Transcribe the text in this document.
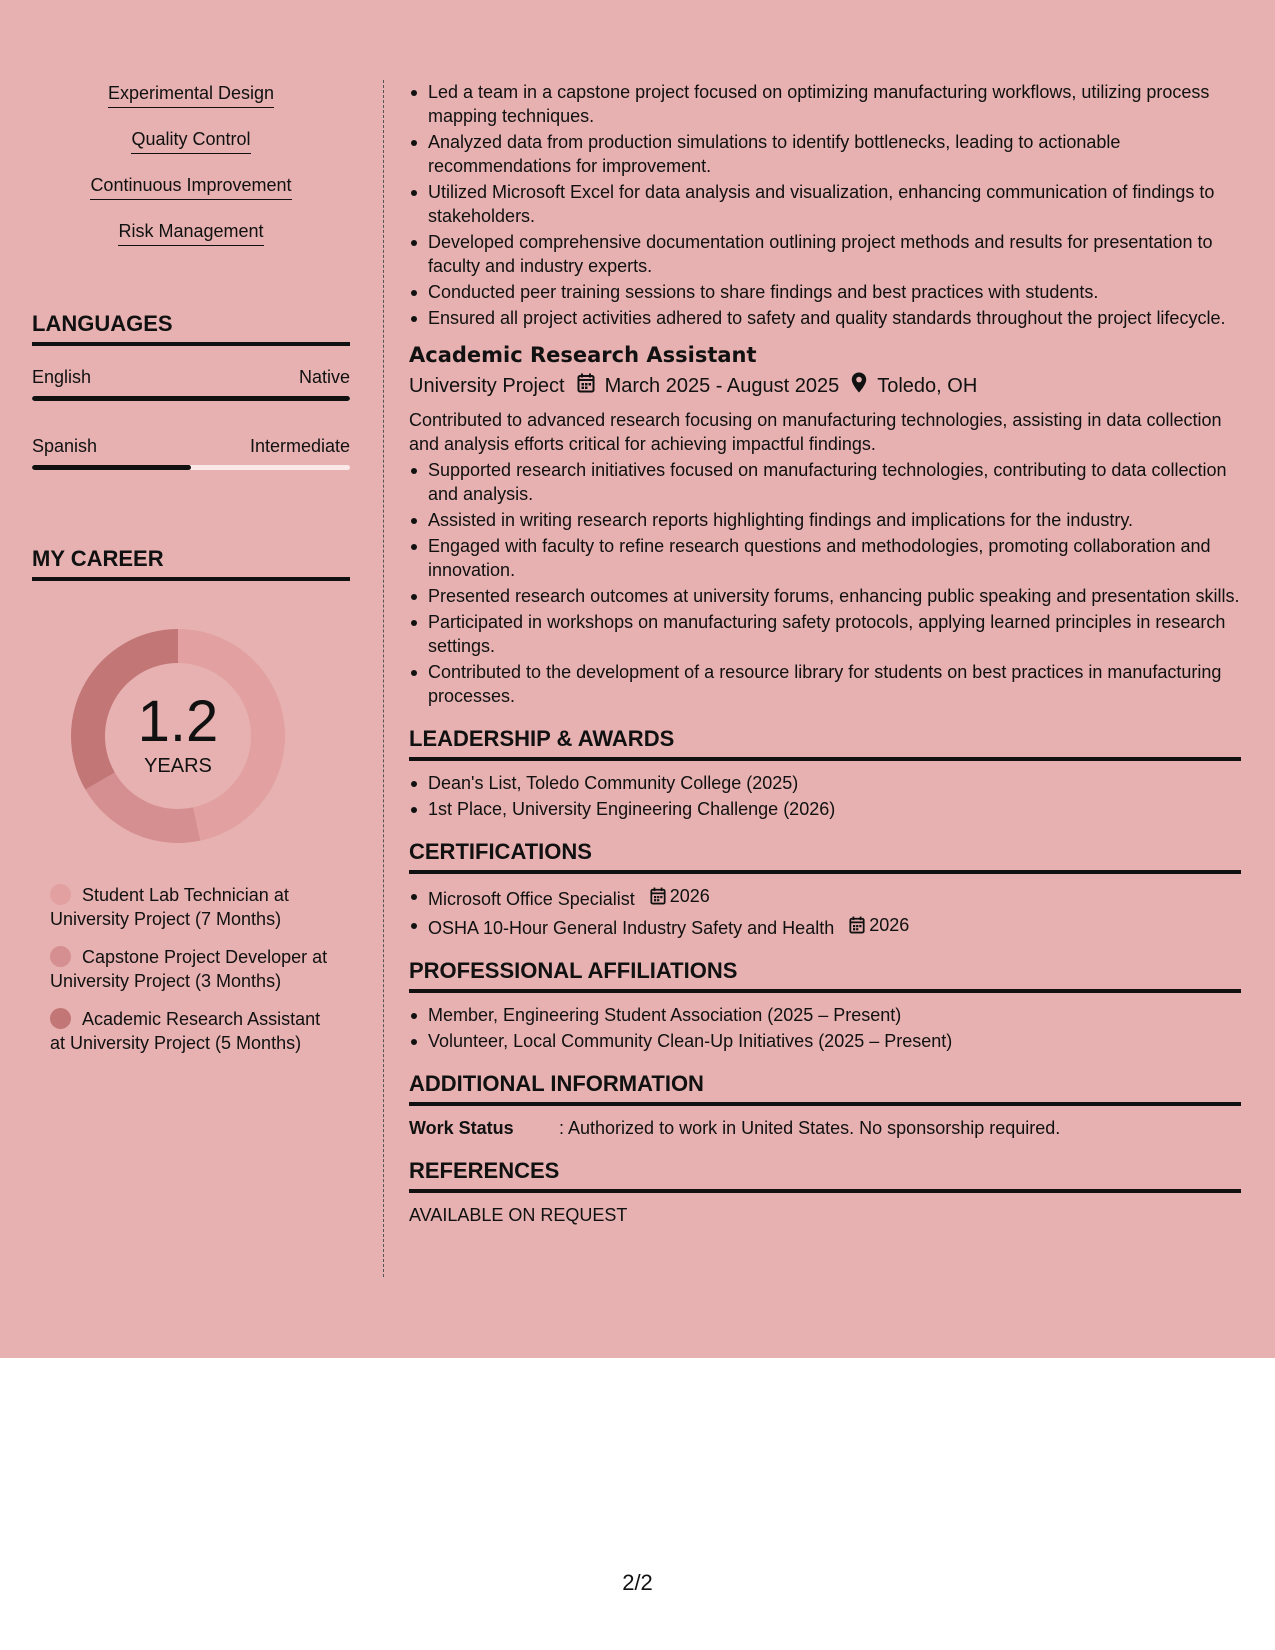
Experimental Design
Quality Control
Continuous Improvement
Risk Management
LANGUAGES
English	Native
Spanish	Intermediate
MY CAREER
1.2
YEARS
Student Lab Technician at University Project (7 Months)
Capstone Project Developer at University Project (3 Months)
Academic Research Assistant at University Project (5 Months)
Led a team in a capstone project focused on optimizing manufacturing workflows, utilizing process mapping techniques.
Analyzed data from production simulations to identify bottlenecks, leading to actionable recommendations for improvement.
Utilized Microsoft Excel for data analysis and visualization, enhancing communication of findings to stakeholders.
Developed comprehensive documentation outlining project methods and results for presentation to faculty and industry experts.
Conducted peer training sessions to share findings and best practices with students.
Ensured all project activities adhered to safety and quality standards throughout the project lifecycle.
Academic Research Assistant
University Project March 2025 - August 2025 Toledo, OH
Contributed to advanced research focusing on manufacturing technologies, assisting in data collection and analysis efforts critical for achieving impactful findings.
Supported research initiatives focused on manufacturing technologies, contributing to data collection and analysis.
Assisted in writing research reports highlighting findings and implications for the industry.
Engaged with faculty to refine research questions and methodologies, promoting collaboration and innovation.
Presented research outcomes at university forums, enhancing public speaking and presentation skills.
Participated in workshops on manufacturing safety protocols, applying learned principles in research settings.
Contributed to the development of a resource library for students on best practices in manufacturing processes.
LEADERSHIP & AWARDS
Dean's List, Toledo Community College (2025)
1st Place, University Engineering Challenge (2026)
CERTIFICATIONS
Microsoft Office Specialist 2026
OSHA 10-Hour General Industry Safety and Health 2026
PROFESSIONAL AFFILIATIONS
Member, Engineering Student Association (2025 – Present)
Volunteer, Local Community Clean-Up Initiatives (2025 – Present)
ADDITIONAL INFORMATION
Work Status	: Authorized to work in United States. No sponsorship required.
REFERENCES
AVAILABLE ON REQUEST
2/2
